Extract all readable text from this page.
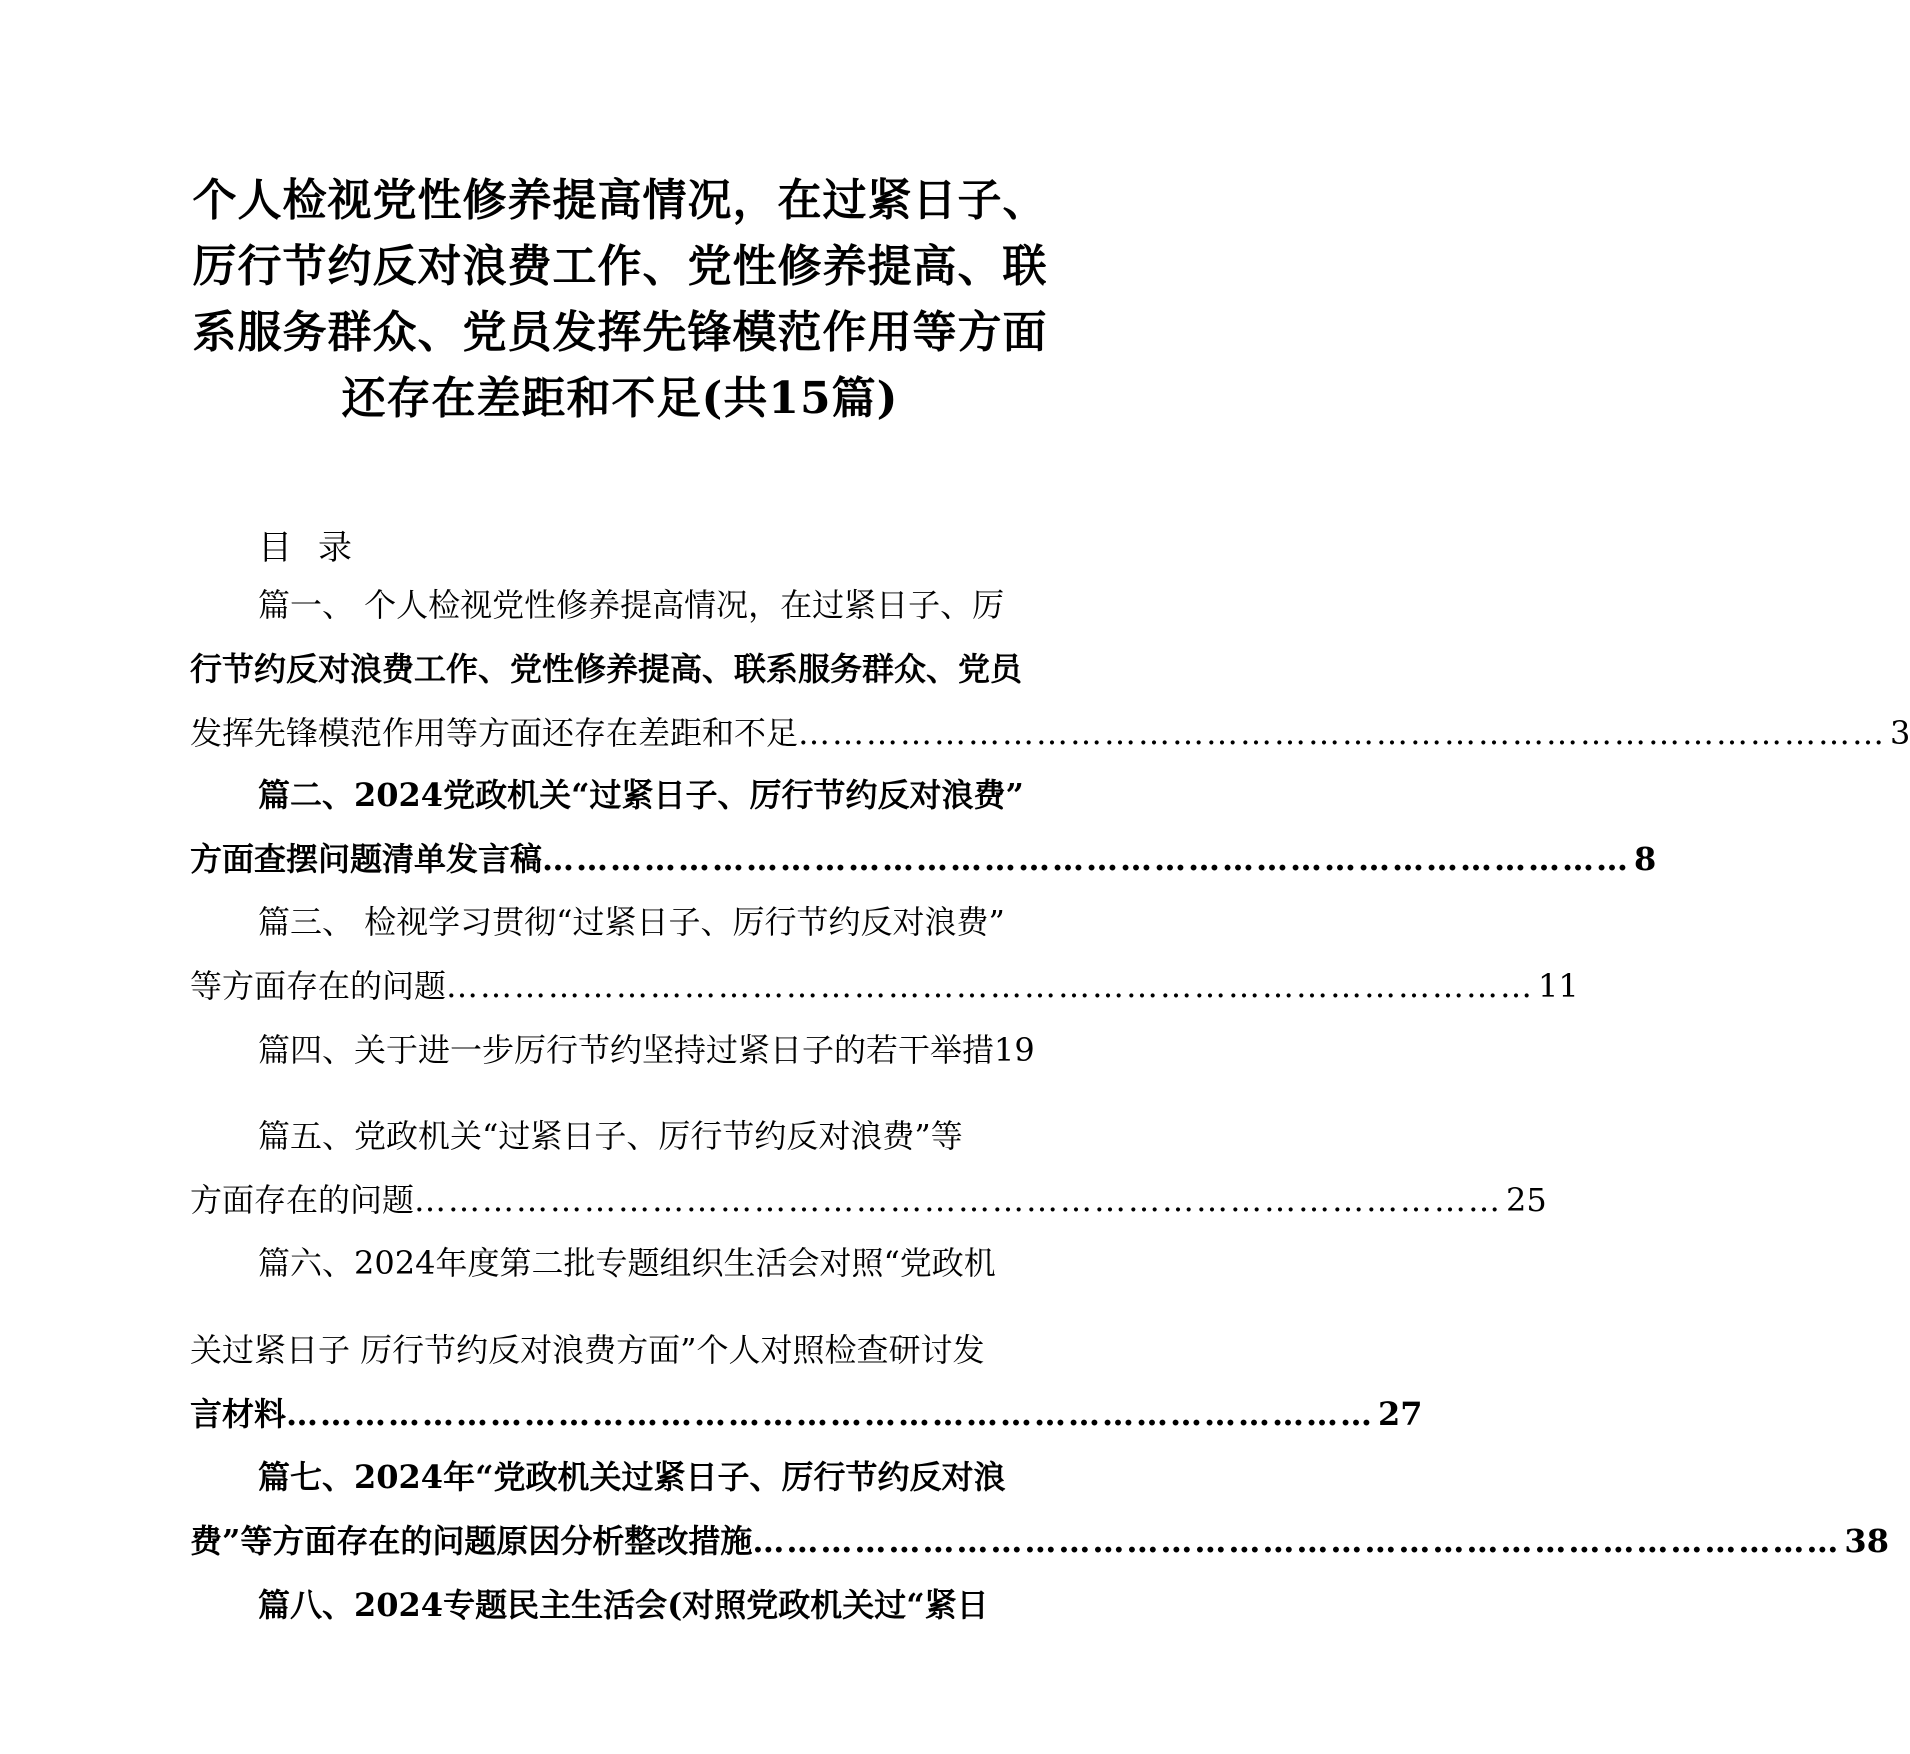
个人检视党性修养提高情况，在过紧日子、
厉行节约反对浪费工作、党性修养提高、联
系服务群众、党员发挥先锋模范作用等方面
还存在差距和不足(共15篇)
目录
篇一、 个人检视党性修养提高情况，在过紧日子、厉
行节约反对浪费工作、党性修养提高、联系服务群众、党员
发挥先锋模范作用等方面还存在差距和不足 …………………………………………………………………………………… 3
篇二、2024党政机关“过紧日子、厉行节约反对浪费”
方面查摆问题清单发言稿 …………………………………………………………………………………… 8
篇三、 检视学习贯彻“过紧日子、厉行节约反对浪费”
等方面存在的问题 …………………………………………………………………………………… 11
篇四、关于进一步厉行节约坚持过紧日子的若干举措19
篇五、党政机关“过紧日子、厉行节约反对浪费”等
方面存在的问题 …………………………………………………………………………………… 25
篇六、2024年度第二批专题组织生活会对照“党政机
关过紧日子 厉行节约反对浪费方面”个人对照检查研讨发
言材料 …………………………………………………………………………………… 27
篇七、2024年“党政机关过紧日子、厉行节约反对浪
费”等方面存在的问题原因分析整改措施 …………………………………………………………………………………… 38
篇八、2024专题民主生活会(对照党政机关过“紧日
